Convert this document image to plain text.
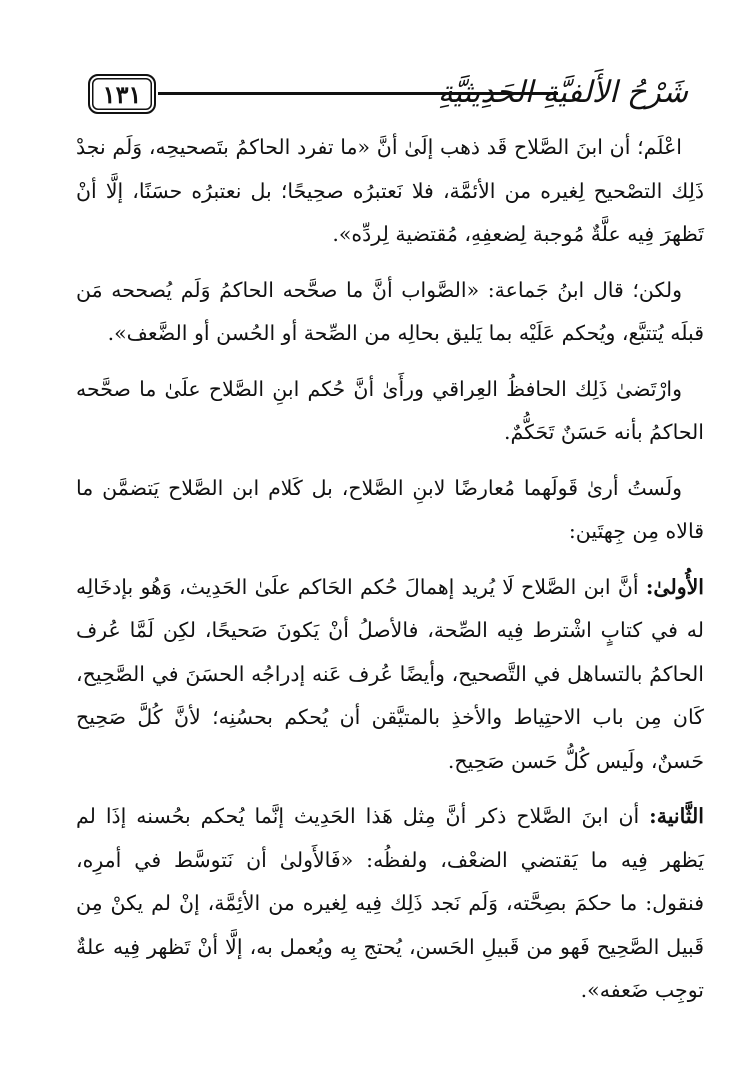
١٣١	شَرْحُ الأَلفيَّةِ الحَدِيثيَّةِ

اعْلَم؛ أن ابنَ الصَّلاح قَد ذهب إلَىٰ أنَّ «ما تفرد الحاكمُ بتَصحيحِه، وَلَم نجدْ ذَلِك التصْحيح لِغيره من الأئمَّة، فلا نَعتبرُه صحِيحًا؛ بل نعتبرُه حسَنًا، إلَّا أنْ تَظهرَ فِيه علَّةٌ مُوجبة لِضعفِهِ، مُقتضية لِردِّه».

ولكن؛ قال ابنُ جَماعة: «الصَّواب أنَّ ما صحَّحه الحاكمُ وَلَم يُصححه مَن قبلَه يُتتبَّع، ويُحكم عَلَيْه بما يَليق بحالِه من الصِّحة أو الحُسن أو الضَّعف».

وارْتَضىٰ ذَلِك الحافظُ العِراقي ورأَىٰ أنَّ حُكم ابنِ الصَّلاح علَىٰ ما صحَّحه الحاكمُ بأنه حَسَنٌ تَحَكُّمٌ.

ولَستُ أرىٰ قَولَهما مُعارضًا لابنِ الصَّلاح، بل كَلام ابن الصَّلاح يَتضمَّن ما قالاه مِن جِهتَين:

الأُولىٰ: أنَّ ابن الصَّلاح لَا يُريد إهمالَ حُكم الحَاكم علَىٰ الحَدِيث، وَهُو بإدخَالِه له في كتابٍ اشْترط فِيه الصِّحة، فالأصلُ أنْ يَكونَ صَحيحًا، لكِن لَمَّا عُرف الحاكمُ بالتساهل في التَّصحيح، وأيضًا عُرف عَنه إدراجُه الحسَنَ في الصَّحِيح، كَان مِن باب الاحتِياط والأخذِ بالمتيَّقن أن يُحكم بحسُنِه؛ لأنَّ كُلَّ صَحِيح حَسنٌ، ولَيس كُلُّ حَسن صَحِيح.

الثَّانية: أن ابنَ الصَّلاح ذكر أنَّ مِثل هَذا الحَدِيث إنَّما يُحكم بحُسنه إذَا لم يَظهر فِيه ما يَقتضي الضعْف، ولفظُه: «فَالأَولىٰ أن نَتوسَّط في أمرِه، فنقول: ما حكمَ بصِحَّته، وَلَم نَجد ذَلِك فِيه لِغيره من الأئِمَّة، إنْ لم يكنْ مِن قَبيل الصَّحِيح فَهو من قَبيلِ الحَسن، يُحتج بِه ويُعمل به، إلَّا أنْ تَظهر فِيه علةٌ توجِب ضَعفه».
